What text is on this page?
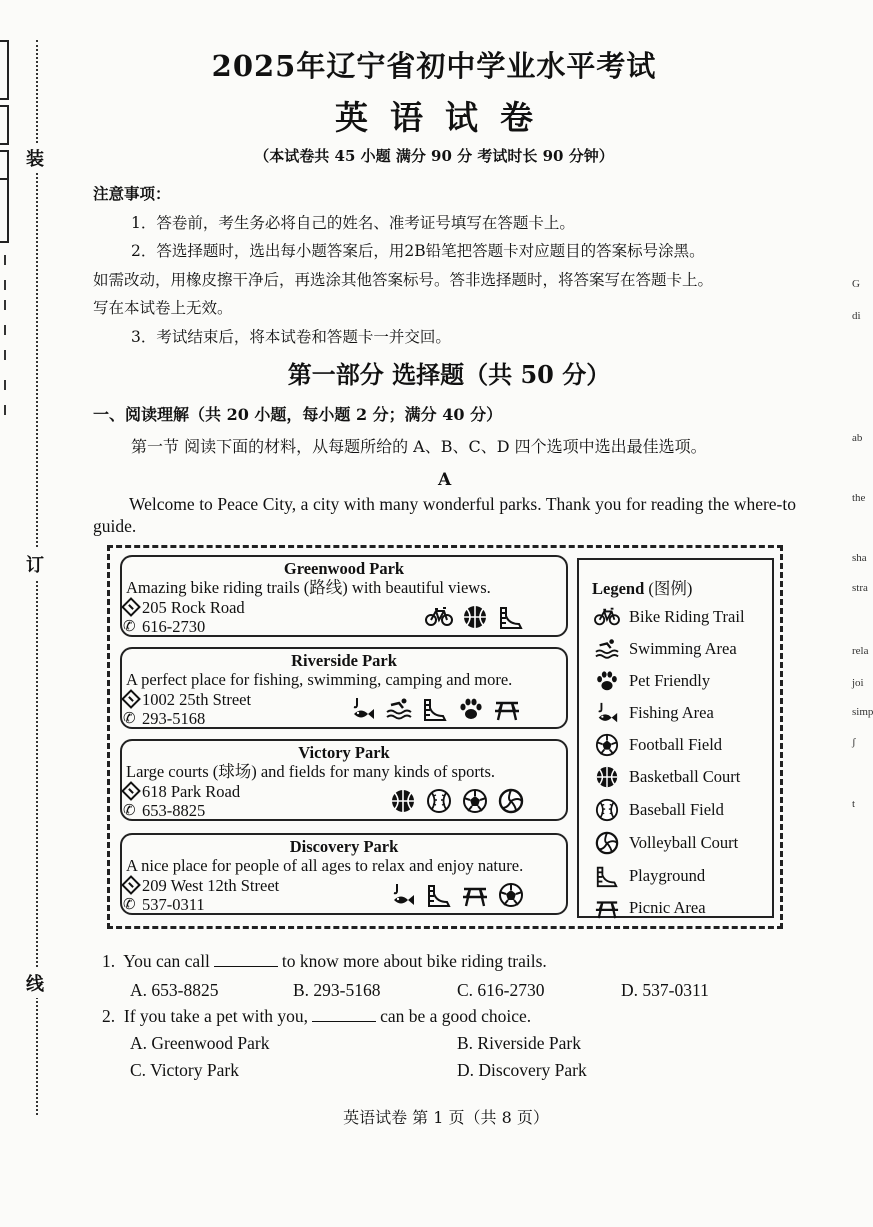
装
订
线
G
di
ab
the
sha
stra
rela
joi
simp
ʃ
t
2025年辽宁省初中学业水平考试
英语试卷
（本试卷共 45 小题 满分 90 分 考试时长 90 分钟）
注意事项：
1．答卷前，考生务必将自己的姓名、准考证号填写在答题卡上。
2．答选择题时，选出每小题答案后，用2B铅笔把答题卡对应题目的答案标号涂黑。
如需改动，用橡皮擦干净后，再选涂其他答案标号。答非选择题时，将答案写在答题卡上。
写在本试卷上无效。
3．考试结束后，将本试卷和答题卡一并交回。
第一部分 选择题（共 50 分）
一、阅读理解（共 20 小题，每小题 2 分；满分 40 分）
第一节 阅读下面的材料，从每题所给的 A、B、C、D 四个选项中选出最佳选项。
A
Welcome to Peace City, a city with many wonderful parks. Thank you for reading the where-to guide.
Greenwood Park
Amazing bike riding trails (路线) with beautiful views.
205 Rock Road
✆ 616-2730
Riverside Park
A perfect place for fishing, swimming, camping and more.
1002 25th Street
✆ 293-5168
Victory Park
Large courts (球场) and fields for many kinds of sports.
618 Park Road
✆ 653-8825
Discovery Park
A nice place for people of all ages to relax and enjoy nature.
209 West 12th Street
✆ 537-0311
Legend (图例)
Bike Riding Trail
Swimming Area
Pet Friendly
Fishing Area
Football Field
Basketball Court
Baseball Field
Volleyball Court
Playground
Picnic Area
1. You can call	to know more about bike riding trails.
A. 653-8825	B. 293-5168	C. 616-2730	D. 537-0311
2. If you take a pet with you,	can be a good choice.
A. Greenwood Park	B. Riverside Park
C. Victory Park	D. Discovery Park
英语试卷 第 1 页（共 8 页）
